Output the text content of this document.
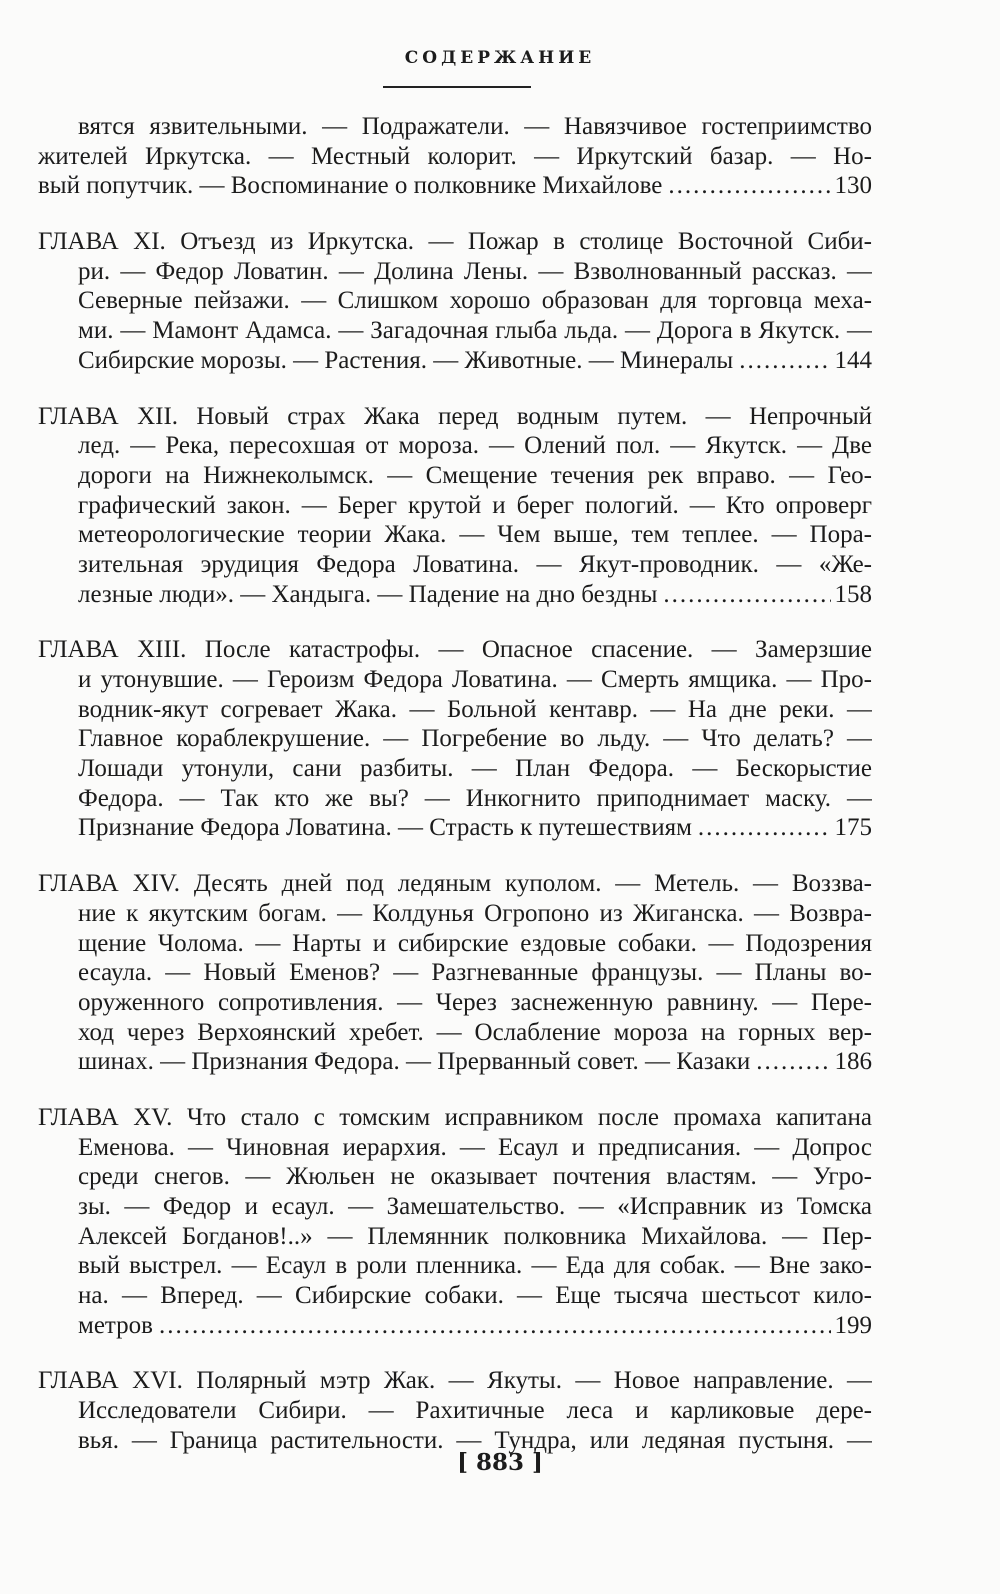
СОДЕРЖАНИЕ
вятся язвительными. — Подражатели. — Навязчивое гостеприимство
жителей Иркутска. — Местный колорит. — Иркутский базар. — Но-
вый попутчик. — Воспоминание о полковнике Михайлове .....	130
ГЛАВА XI. Отъезд из Иркутска. — Пожар в столице Восточной Сиби-
ри. — Федор Ловатин. — Долина Лены. — Взволнованный рассказ. —
Северные пейзажи. — Слишком хорошо образован для торговца меха-
ми. — Мамонт Адамса. — Загадочная глыба льда. — Дорога в Якутск. —
Сибирские морозы. — Растения. — Животные. — Минералы .....	144
ГЛАВА XII. Новый страх Жака перед водным путем. — Непрочный
лед. — Река, пересохшая от мороза. — Олений пол. — Якутск. — Две
дороги на Нижнеколымск. — Смещение течения рек вправо. — Гео-
графический закон. — Берег крутой и берег пологий. — Кто опроверг
метеорологические теории Жака. — Чем выше, тем теплее. — Пора-
зительная эрудиция Федора Ловатина. — Якут-проводник. — «Же-
лезные люди». — Хандыга. — Падение на дно бездны .....	158
ГЛАВА XIII. После катастрофы. — Опасное спасение. — Замерзшие
и утонувшие. — Героизм Федора Ловатина. — Смерть ямщика. — Про-
водник-якут согревает Жака. — Больной кентавр. — На дне реки. —
Главное кораблекрушение. — Погребение во льду. — Что делать? —
Лошади утонули, сани разбиты. — План Федора. — Бескорыстие
Федора. — Так кто же вы? — Инкогнито приподнимает маску. —
Признание Федора Ловатина. — Страсть к путешествиям .....	175
ГЛАВА XIV. Десять дней под ледяным куполом. — Метель. — Воззва-
ние к якутским богам. — Колдунья Огропоно из Жиганска. — Возвра-
щение Чолома. — Нарты и сибирские ездовые собаки. — Подозрения
есаула. — Новый Еменов? — Разгневанные французы. — Планы во-
оруженного сопротивления. — Через заснеженную равнину. — Пере-
ход через Верхоянский хребет. — Ослабление мороза на горных вер-
шинах. — Признания Федора. — Прерванный совет. — Казаки .....	186
ГЛАВА XV. Что стало с томским исправником после промаха капитана
Еменова. — Чиновная иерархия. — Есаул и предписания. — Допрос
среди снегов. — Жюльен не оказывает почтения властям. — Угро-
зы. — Федор и есаул. — Замешательство. — «Исправник из Томска
Алексей Богданов!..» — Племянник полковника Михайлова. — Пер-
вый выстрел. — Есаул в роли пленника. — Еда для собак. — Вне зако-
на. — Вперед. — Сибирские собаки. — Еще тысяча шестьсот кило-
метров .....	199
ГЛАВА XVI. Полярный мэтр Жак. — Якуты. — Новое направление. —
Исследователи Сибири. — Рахитичные леса и карликовые дере-
вья. — Граница растительности. — Тундра, или ледяная пустыня. —
[ 883 ]
